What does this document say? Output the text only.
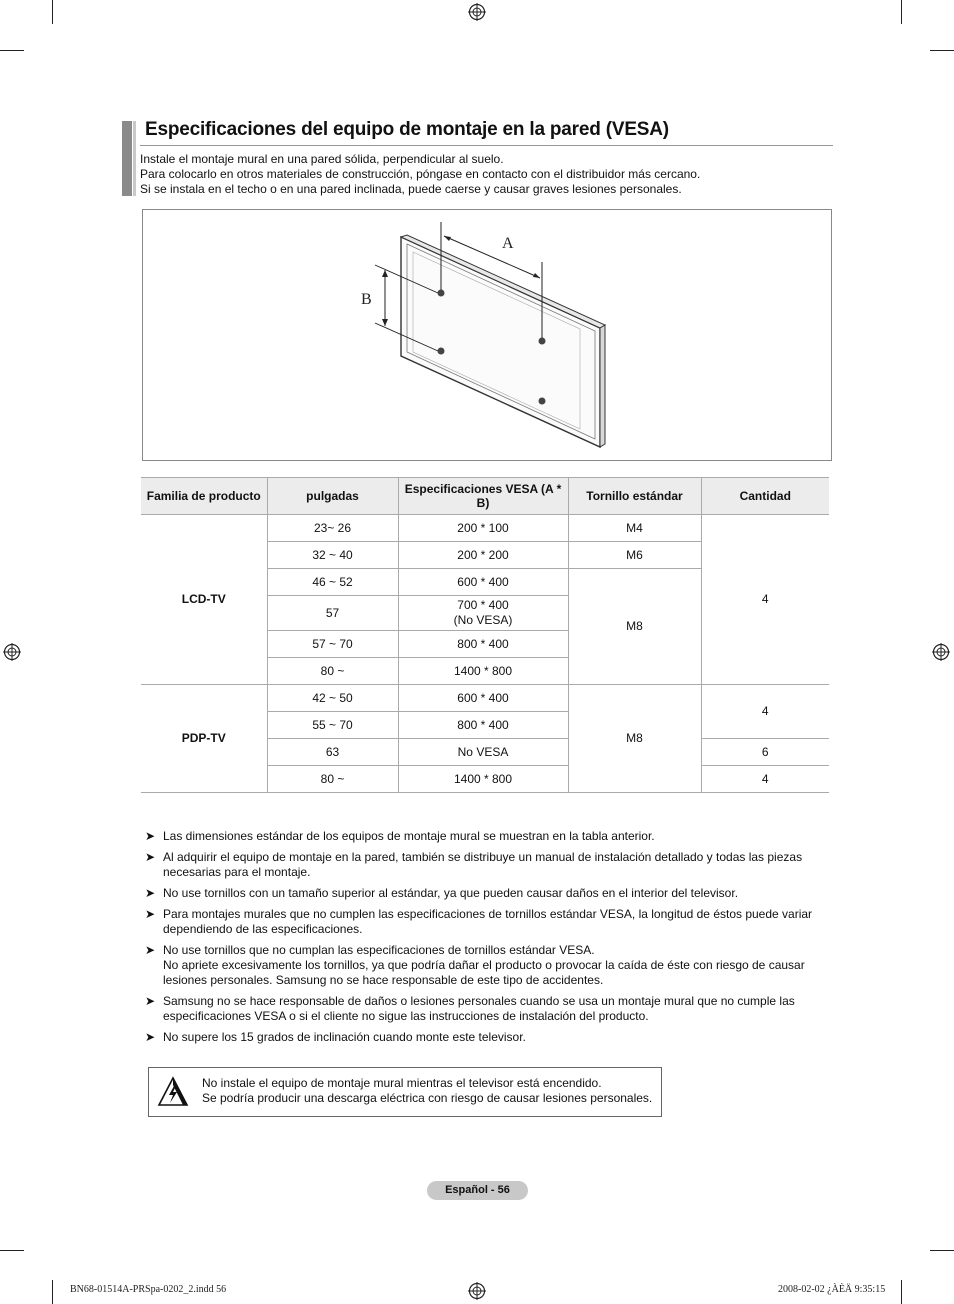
Especificaciones del equipo de montaje en la pared (VESA)
Instale el montaje mural en una pared sólida, perpendicular al suelo.
Para colocarlo en otros materiales de construcción, póngase en contacto con el distribuidor más cercano.
Si se instala en el techo o en una pared inclinada, puede caerse y causar graves lesiones personales.
A
B
Familia de producto	pulgadas	Especificaciones VESA (A * B)	Tornillo estándar	Cantidad
LCD-TV	23~ 26	200 * 100	M4	4
	32 ~ 40	200 * 200	M6	
	46 ~ 52	600 * 400	M8	
	57	700 * 400
(No VESA)		

	57 ~ 70	800 * 400		
	80 ~	1400 * 800		
PDP-TV	42 ~ 50	600 * 400	M8	4
	55 ~ 70	800 * 400		
	63	No VESA		6
	80 ~	1400 * 800		4
➤ Las dimensiones estándar de los equipos de montaje mural se muestran en la tabla anterior.
➤ Al adquirir el equipo de montaje en la pared, también se distribuye un manual de instalación detallado y todas las piezas
necesarias para el montaje.
➤ No use tornillos con un tamaño superior al estándar, ya que pueden causar daños en el interior del televisor.
➤ Para montajes murales que no cumplen las especificaciones de tornillos estándar VESA, la longitud de éstos puede variar
dependiendo de las especificaciones.
➤ No use tornillos que no cumplan las especificaciones de tornillos estándar VESA.
No apriete excesivamente los tornillos, ya que podría dañar el producto o provocar la caída de éste con riesgo de causar
lesiones personales. Samsung no se hace responsable de este tipo de accidentes.
➤ Samsung no se hace responsable de daños o lesiones personales cuando se usa un montaje mural que no cumple las
especificaciones VESA o si el cliente no sigue las instrucciones de instalación del producto.
➤ No supere los 15 grados de inclinación cuando monte este televisor.
No instale el equipo de montaje mural mientras el televisor está encendido.
Se podría producir una descarga eléctrica con riesgo de causar lesiones personales.
Español - 56
BN68-01514A-PRSpa-0202_2.indd 56	2008-02-02 ¿ÀÈÄ 9:35:15
